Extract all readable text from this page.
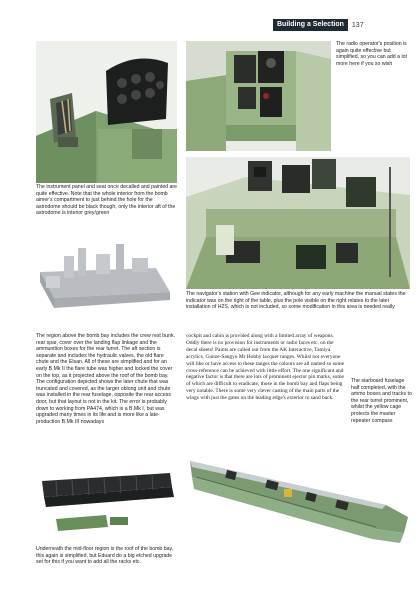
Building a Selection	137
The instrument panel and seat once decalled and painted are quite effective. Note that the whole interior from the bomb aimer's compartment to just behind the hole for the astrodome should be black though, only the interior aft of the astrodome is interior grey/green
The radio operator's position is again quite effective but simplified, so you can add a lot more here if you so wish
The navigator's station with Gee indicator, although for any early machine the manual states the indicator was on the right of the table, plus the pole visible on the right relates to the later installation of H2S, which is not included, so some modification in this area is needed really
The region above the bomb bay includes the crew rest bunk, rear spar, cover over the landing flap linkage and the ammunition boxes for the rear turret. The aft section is separate and includes the hydraulic valves, the old flare chute and the Elsan. All of these are simplified and for an early B.Mk II the flare tube was higher and locked the cover on the top, as it projected above the roof of the bomb bay. The configuration depicted shows the later chute that was truncated and covered, as the larger oblong unit and chute was installed in the rear fuselage, opposite the rear access door, but that layout is not in the kit. The error is probably down to working from PA474, which is a B.Mk I, but was upgraded many times in its life and is more like a late-production B.Mk III nowadays
cockpit and cabin is provided along with a limited array of weapons. Oddly there is no provision for instruments or radio faces etc. on the decal sheets! Paints are called out from the AK Interactive, Tamiya acrylics, Gunze-Sangyo Mr Hobby lacquer ranges. Whilst not everyone will like or have access to these ranges the colours are all named so some cross-reference can be achieved with little effort. The one significant and negative factor is that there are lots of prominent ejector pin marks, some of which are difficult to eradicate, those in the bomb bay and flaps being very notable. There is some very clever casting of the main parts of the wings with just the gates on the leading edge's exterior to sand back.
The starboard fuselage half completed, with the ammo boxes and tracks to the rear turret prominent, whilst the yellow cage protects the master repeater compass
Underneath the mid-floor region is the roof of the bomb bay, this again is simplified, but Eduard do a big etched upgrade set for this if you want to add all the racks etc.
